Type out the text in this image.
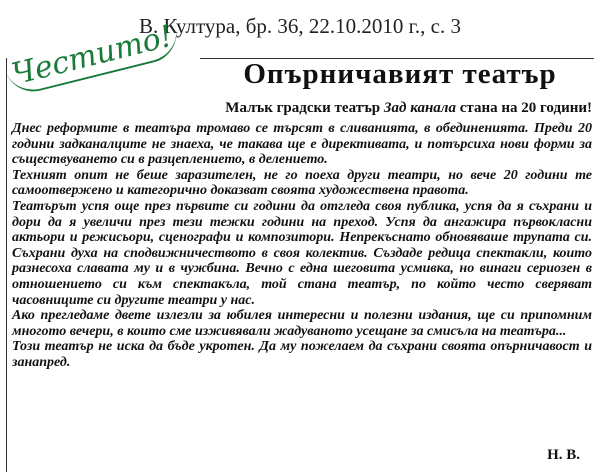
В. Култура, бр. 36, 22.10.2010 г., с. 3
Честито!	Опърничавият театър
Малък градски театър Зад канала стана на 20 години!

Днес реформите в театъра тромаво се търсят в сливанията, в обединенията. Преди 20 години задканалците не знаеха, че такава ще е директивата, и потърсиха нови форми за съществуването си в разцеплението, в делението.

Техният опит не беше заразителен, не го поеха други театри, но вече 20 години те самоотвержено и категорично доказват своята художествена правота.

Театърът успя още през първите си години да отгледа своя публика, успя да я съхрани и дори да я увеличи през тези тежки години на преход. Успя да ангажира първокласни актьори и режисьори, сценографи и композитори. Непрекъснато обновяваше трупата си. Съхрани духа на сподвижничеството в своя колектив. Създаде редица спектакли, които разнесоха славата му и в чужбина. Вечно с една шеговита усмивка, но винаги сериозен в отношението си към спектакъла, той стана театър, по който често сверяват часовниците си другите театри у нас.

Ако прегледаме двете излезли за юбилея интересни и полезни издания, ще си припомним многото вечери, в които сме изживявали жадуваното усещане за смисъла на театъра...

Този театър не иска да бъде укротен. Да му пожелаем да съхрани своята опърничавост и занапред.

Н. В.
